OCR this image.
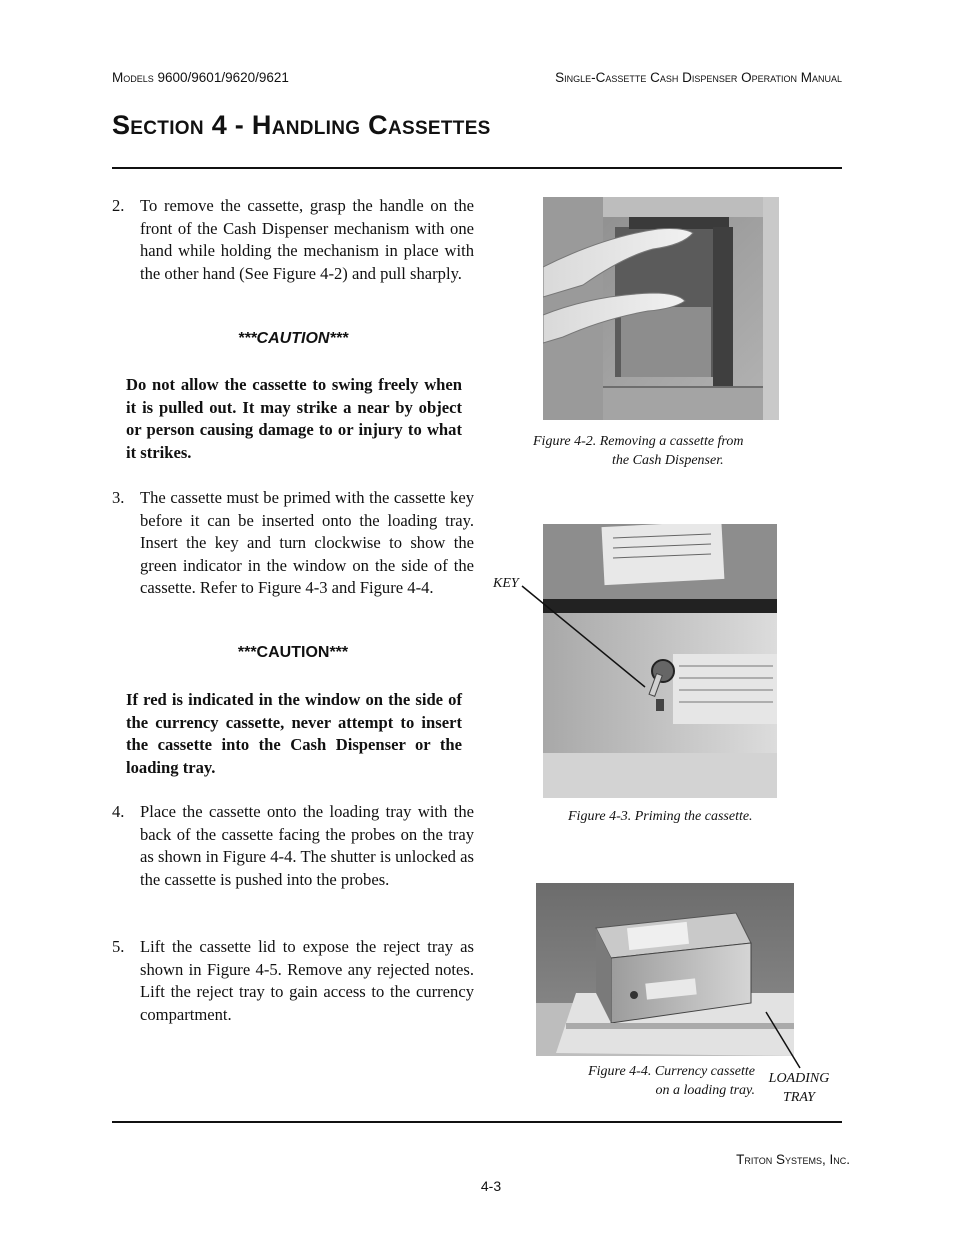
Models 9600/9601/9620/9621	Single-Cassette Cash Dispenser Operation Manual
Section 4 - Handling Cassettes
2. To remove the cassette, grasp the handle on the front of the Cash Dispenser mechanism with one hand while holding the mechanism in place with the other hand (See Figure 4-2) and pull sharply.
***CAUTION***
Do not allow the cassette to swing freely when it is pulled out. It may strike a near by object or person causing damage to or injury to what it strikes.
3. The cassette must be primed with the cassette key before it can be inserted onto the loading tray. Insert the key and turn clockwise to show the green indicator in the window on the side of the cassette. Refer to Figure 4-3 and Figure 4-4.
***CAUTION***
If red is indicated in the window on the side of the currency cassette, never attempt to insert the cassette into the Cash Dispenser or the loading tray.
4. Place the cassette onto the loading tray with the back of the cassette facing the probes on the tray as shown in Figure 4-4. The shutter is unlocked as the cassette is pushed into the probes.
5. Lift the cassette lid to expose the reject tray as shown in Figure 4-5. Remove any rejected notes. Lift the reject tray to gain access to the currency compartment.
Figure 4-2. Removing a cassette from
the Cash Dispenser.
KEY
Figure 4-3. Priming the cassette.
Figure 4-4. Currency cassette
on a loading tray.
LOADING
TRAY
Triton Systems, Inc.
4-3
